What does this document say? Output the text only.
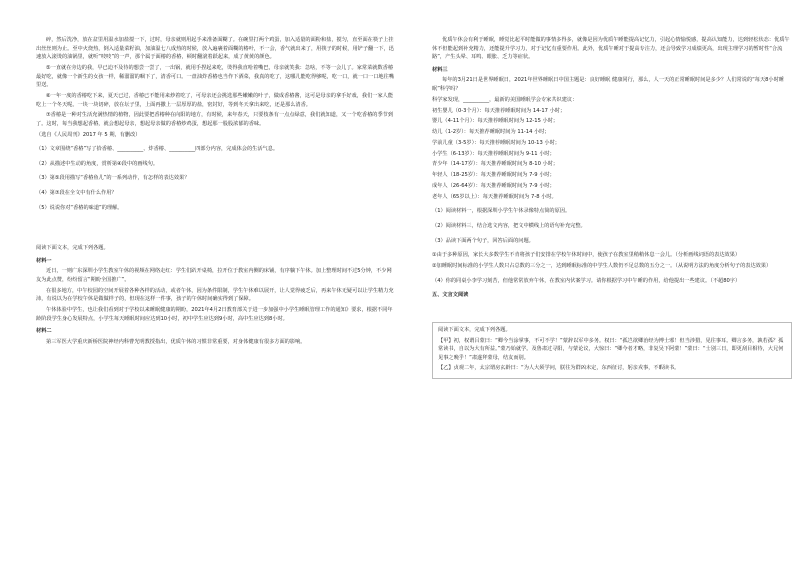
碎，然后洗净，放在盆里用温水加盐搅一下，过时，母亲就则用起手来准备面糊了。在碗里打两个鸡蛋，加入适量的面粉和盐，搅匀，直至面在筷子上挂出丝丝则为止。至中火烧热，倒入适量菜籽油，加油温七八成热的时候，放入遍裹着面糊的椿叶，不一会，香气就出来了，用筷子的时候，用铲子翻一下，迅速放入滚烫的油锅里，就听“吱吱”的一声，那个属于面椿的香椿，顿时翻滚着跃起来，成了黄黄的颜色。

⑤一直就在旁边的我，早已迫不及待的想尝一尝了，一出锅，就用手捏起来吃，烫得我直哈着嘴巴，母亲就笑我：急啥，不等一会儿了。家常菜就数香椿最好吃，就像一个新生的女孩一样，稀溜溜的咽下了，清香可口。一盘油炸香椿也当作下酒菜，我真的吃了，这哪儿能吃得够呢，吃一口，就一口一口地往嘴里送。

⑥一年一度的香椿吃下来，夏天已过，香椿已不能用来炒着吃了，可母亲还会挑选那些嫩嫩的叶子，做成香椿酱，这可是母亲的拿手好戏，我们一家人能吃上一个冬天呢。一块一块切碎，放在坛子里，上面再撒上一层厚厚的盐，密封好，等到冬天拿出来吃，还是那么清香。

⑦香椿是一种对生活充满热情的植物，因此要把香椿种在向阳的地方，有时候，来年春天，只要枝条有一点点绿意，我们就知道，又一个吃香椿的季节到了。这时，每当我想起香椿，就会想起母亲，想起母亲做的香椿炒鸡蛋，想起那一股股浓郁的香味。

（选自《人民周刊》2017 年 5 期，有删改）

（1）文章围绕“香椿”写了拾香椿、__________、炸香椿、__________四部分内容，完成体会的生活气息。

（2）从描述中生动的角度，赏析第④段中的画线句。

（3）第⑤段用描写“香椿鱼儿”的一系列动作，有怎样的表达效果？

（4）第⑦段在全文中有什么作用？

（5）说说你对“香椿的味道”的理解。

阅读下面文本，完成下列各题。

材料一

近日，一则广东深圳小学生教室午休的视频在网络走红：学生们趴开桌椅，拉开位于教室内侧的床铺，有序躺下午休。加上整理时间不过5分钟，不少网友为此点赞，纷纷留言“期盼全国推广”。

在很多地方，中午校园的空间开展着各种各样的活动，或者午休，因为条件限制，学生午休难以展开，让人觉得疲乏后，再来午休无疑可以让学生精力充沛，有说以为在学校午休是做做样子的，但现在这样一件事，孩子的午休时间确实得到了保障。

午休体验中学生，也让我们看到对于学校以来睡眠健康的期盼，2021年4月2日教育部关于进一步加强中小学生睡眠管理工作的通知》要求，根据不同年龄阶段学生身心发展特点，小学生每天睡眠时间应达到10小时，初中学生应达到9小时，高中生应达到8小时。

材料二

第三军医大学重庆新桥医院神经内科曹光明教授指出，优质午休的习惯非常重要，对身体健康有很多方面的影响。

优质午休会有利于睡眠，睡觉比起平时能做的事情多得多，就像是因为优质午睡能提高记忆力，引起心情愉悦感，提高认知能力，达到轻松状态：优质午休不但能起到补充精力，还能提升学习力，对于记忆有重要作用。此外，优质午睡对于提高专注力，还会导致学习成绩更高，出现主理学习的暂时性“合流路”，产生头晕、耳鸣、眼胀、乏力等症状。

材料三

每年的3月21日是世界睡眠日，2021年世界睡眠日中国主题是：良好睡眠 健康同行，那么，人一天的正常睡眠时间是多少？人们常说的“每天8小时睡眠”科学吗？

科学家发现，__________，最新的美国睡眠学会专家共识建议：

初生婴儿（0-3个月）：每天推荐睡眠时间为 14-17 小时；

婴儿（4-11个月）：每天推荐睡眠时间为 12-15 小时；

幼儿（1-2岁）：每天推荐睡眠时间为 11-14 小时；

学前儿童（3-5岁）：每天推荐睡眠时间为 10-13 小时；

小学生（6-13岁）：每天推荐睡眠时间为 9-11 小时；

青少年（14-17岁）：每天推荐睡眠时间为 8-10 小时；

年轻人（18-25岁）：每天推荐睡眠时间为 7-9 小时；

成年人（26-64岁）：每天推荐睡眠时间为 7-9 小时；

老年人（65岁以上）：每天推荐睡眠时间为 7-8 小时。

（1）阅读材料一，根据深圳小学生午休录像特点简的原因。

（2）阅读材料三，结合选文内容，把文中横线上的语句补充完整。

（3）品读下面两个句子，回答后面的问题。

①由于多种原因，家长大多数学生不肯将孩子们安排在学校午休时间中，使孩子在教室里稍稍休息一会儿。（分析画线词语的表达效果）

②加睡眠时间标准的小学生人数只占总数的三分之一，达到睡眠标准的中学生人数仍不足总数的五分之一。（从说明方法的角度分析句子的表达效果）

（4）你的同桌小李学习刻苦，但他常常放弃午休，在教室内伏案学习。请你根据学习中午睡的作用，给他提出一些建议。（不超80字）

五、文言文阅读

阅读下面文本，完成下列各题。

【甲】初，权谓吕蒙曰：“卿今当涂掌事，不可不学！”蒙辞以军中多务。权曰：“孤岂欲卿治经为博士邪！但当涉猎，见往事耳。卿言多务，孰若孤？孤常读书，自以为大有所益。”蒙乃始就学。及鲁肃过寻阳，与蒙论议，大惊曰：“卿今者才略，非复吴下阿蒙！”蒙曰：“士别三日，即更刮目相待，大兄何见事之晚乎！”肃遂拜蒙母，结友而别。

【乙】贞观二年，太宗谓房玄龄曰：“为人大须学问，朕往为群凶未定，东西征讨，躬亲戎事，不暇读书。
